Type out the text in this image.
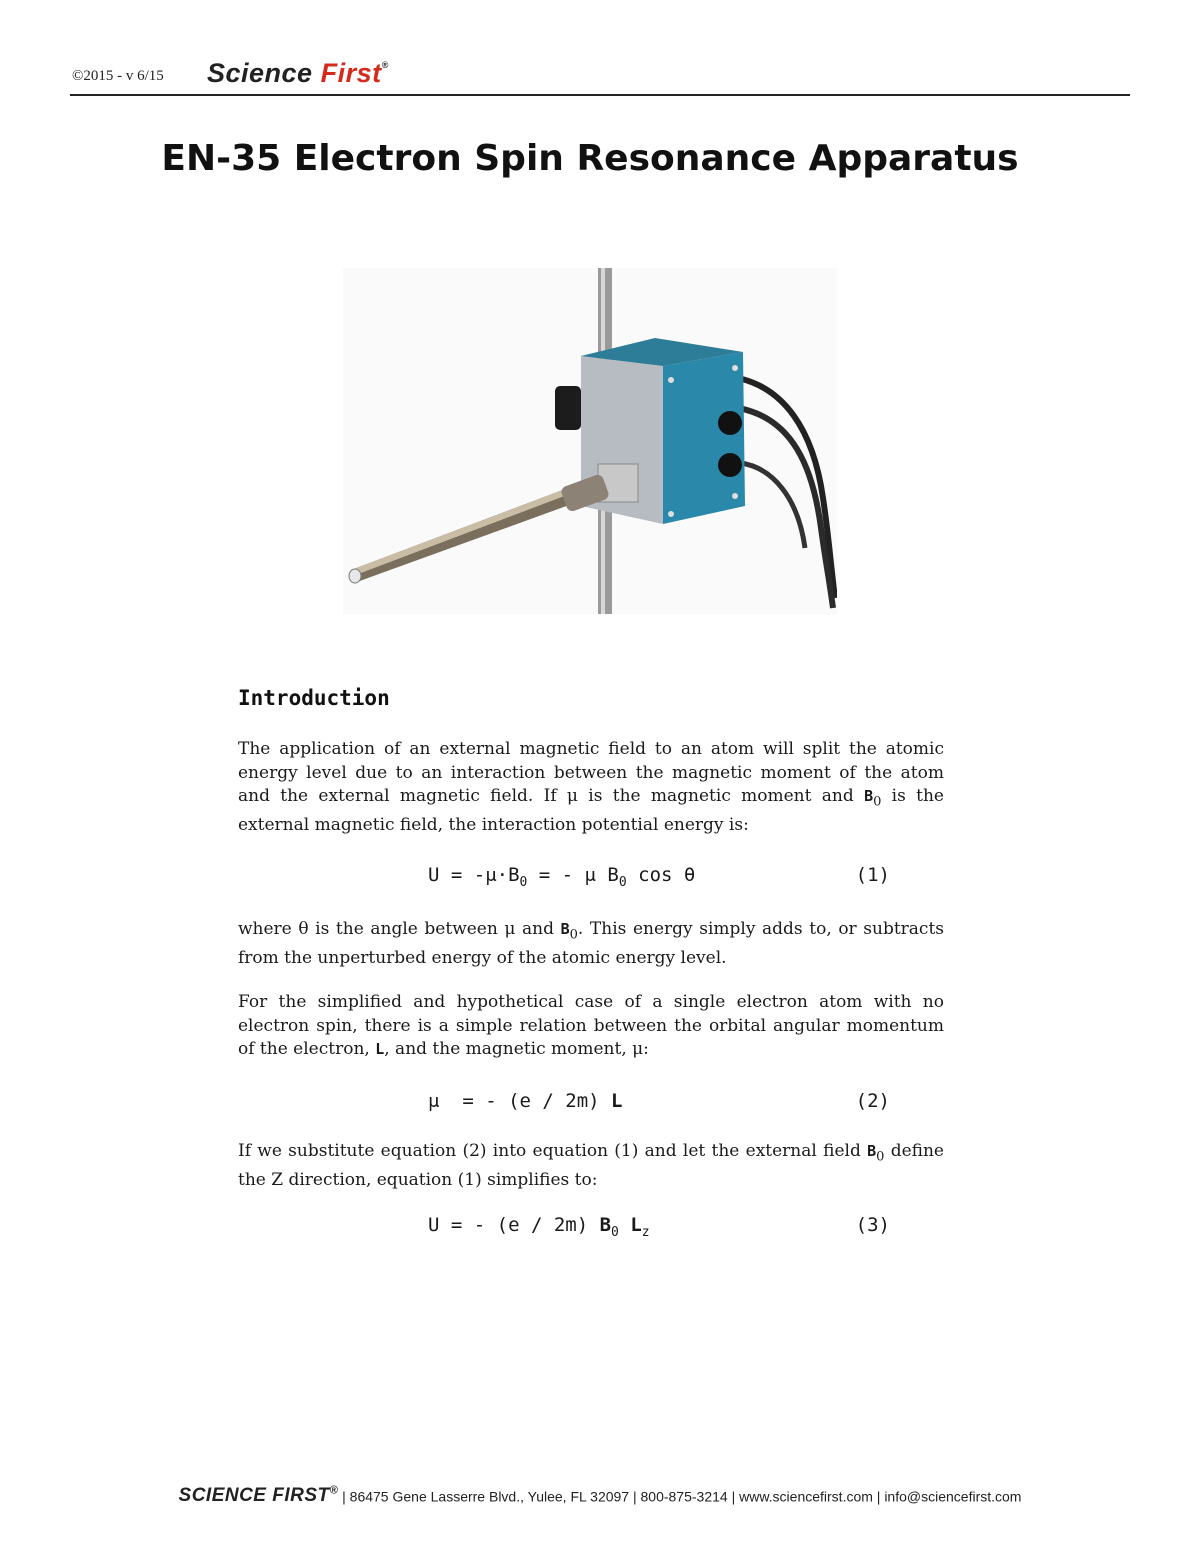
©2015 - v 6/15 Science First®
EN-35 Electron Spin Resonance Apparatus
Introduction
The application of an external magnetic field to an atom will split the atomic energy level due to an interaction between the magnetic moment of the atom and the external magnetic field. If μ is the magnetic moment and $B_0$ is the external magnetic field, the interaction potential energy is:
$U = -\mu\cdot B_0$ = - μ $B_0$ cos θ	(1)
where θ is the angle between μ and $B_0$. This energy simply adds to, or subtracts from the unperturbed energy of the atomic energy level.
For the simplified and hypothetical case of a single electron atom with no electron spin, there is a simple relation between the orbital angular momentum of the electron, L, and the magnetic moment, μ:
μ  = - (e / 2m) L	(2)
If we substitute equation (2) into equation (1) and let the external field $B_0$ define the Z direction, equation (1) simplifies to:
U = - (e / 2m) $B_0$ $L_z$	(3)
SCIENCE FIRST® | 86475 Gene Lasserre Blvd., Yulee, FL 32097 | 800-875-3214 | www.sciencefirst.com | info@sciencefirst.com
